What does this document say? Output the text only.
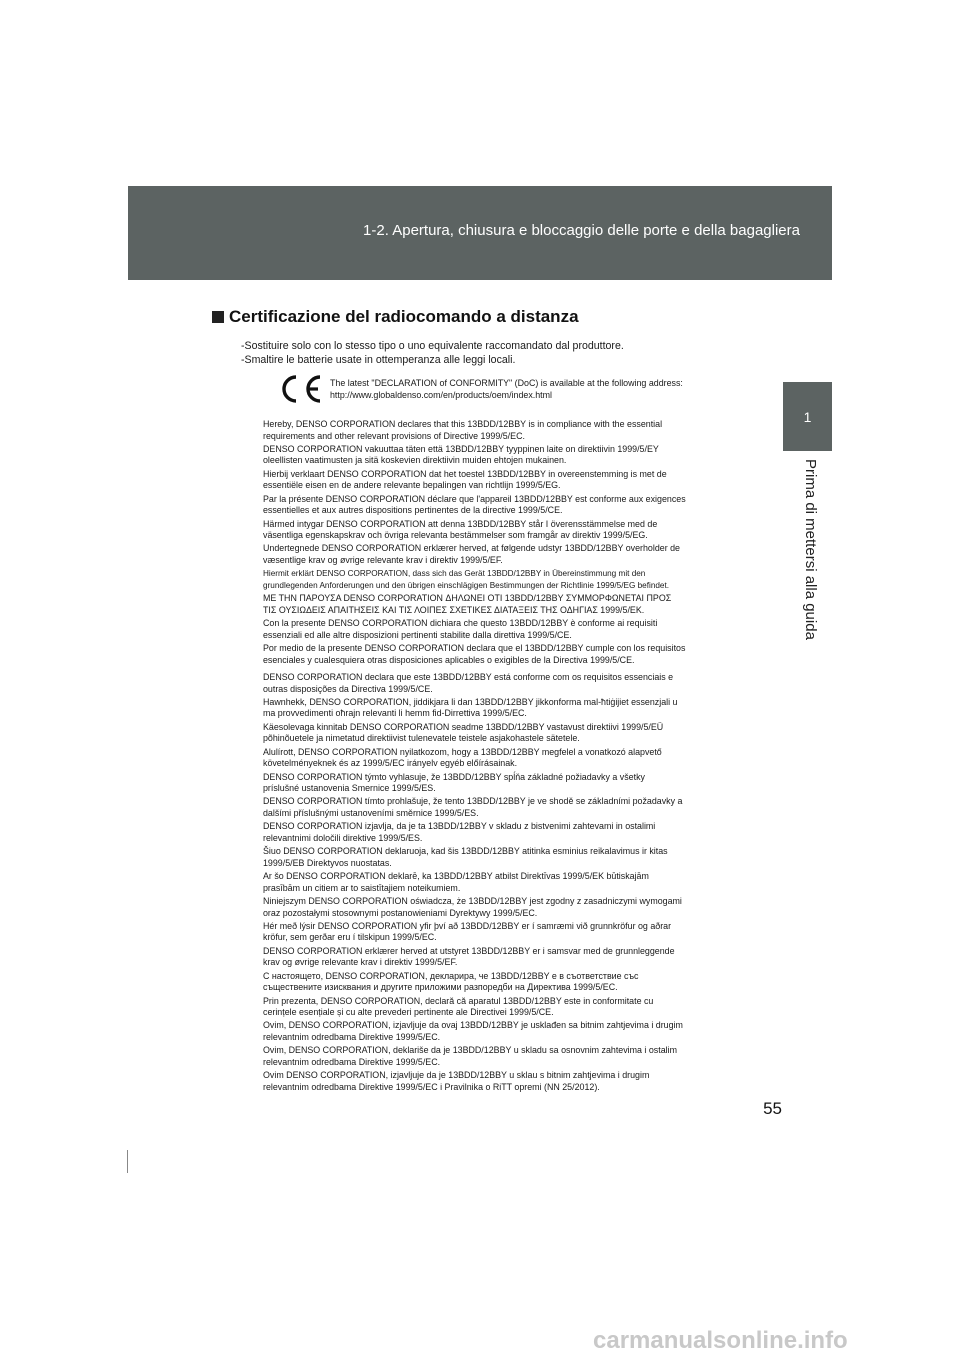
1-2. Apertura, chiusura e bloccaggio delle porte e della bagagliera
1
Prima di mettersi alla guida
Certificazione del radiocomando a distanza
-Sostituire solo con lo stesso tipo o uno equivalente raccomandato dal produttore.
-Smaltire le batterie usate in ottemperanza alle leggi locali.
The latest "DECLARATION of CONFORMITY" (DoC) is available at the following address:
http://www.globaldenso.com/en/products/oem/index.html
Hereby, DENSO CORPORATION declares that this 13BDD/12BBY is in compliance with the essential
requirements and other relevant provisions of Directive 1999/5/EC.
DENSO CORPORATION vakuuttaa täten että 13BDD/12BBY tyyppinen laite on direktiivin 1999/5/EY
oleellisten vaatimusten ja sitä koskevien direktiivin muiden ehtojen mukainen.
Hierbij verklaart DENSO CORPORATION dat het toestel 13BDD/12BBY in overeenstemming is met de
essentiële eisen en de andere relevante bepalingen van richtlijn 1999/5/EG.
Par la présente DENSO CORPORATION déclare que l'appareil 13BDD/12BBY est conforme aux exigences
essentielles et aux autres dispositions pertinentes de la directive 1999/5/CE.
Härmed intygar DENSO CORPORATION att denna 13BDD/12BBY står I överensstämmelse med de
väsentliga egenskapskrav och övriga relevanta bestämmelser som framgår av direktiv 1999/5/EG.
Undertegnede DENSO CORPORATION erklærer herved, at følgende udstyr 13BDD/12BBY overholder de
væsentlige krav og øvrige relevante krav i direktiv 1999/5/EF.
Hiermit erklärt DENSO CORPORATION, dass sich das Gerät 13BDD/12BBY in Übereinstimmung mit den
grundlegenden Anforderungen und den übrigen einschlägigen Bestimmungen der Richtlinie 1999/5/EG befindet.
ΜΕ ΤΗΝ ΠΑΡΟΥΣΑ DENSO CORPORATION ΔΗΛΩΝΕΙ ΟΤΙ 13BDD/12BBY ΣΥΜΜΟΡΦΩΝΕΤΑΙ ΠΡΟΣ
ΤΙΣ ΟΥΣΙΩΔΕΙΣ ΑΠΑΙΤΗΣΕΙΣ ΚΑΙ ΤΙΣ ΛΟΙΠΕΣ ΣΧΕΤΙΚΕΣ ΔΙΑΤΑΞΕΙΣ ΤΗΣ ΟΔΗΓΙΑΣ 1999/5/ΕΚ.
Con la presente DENSO CORPORATION dichiara che questo 13BDD/12BBY è conforme ai requisiti
essenziali ed alle altre disposizioni pertinenti stabilite dalla direttiva 1999/5/CE.
Por medio de la presente DENSO CORPORATION declara que el 13BDD/12BBY cumple con los requisitos
esenciales y cualesquiera otras disposiciones aplicables o exigibles de la Directiva 1999/5/CE.
DENSO CORPORATION declara que este 13BDD/12BBY está conforme com os requisitos essenciais e
outras disposições da Directiva 1999/5/CE.
Hawnhekk, DENSO CORPORATION, jiddikjara li dan 13BDD/12BBY jikkonforma mal-ħtiġijiet essenzjali u
ma provvedimenti oħrajn relevanti li hemm fid-Dirrettiva 1999/5/EC.
Käesolevaga kinnitab DENSO CORPORATION seadme 13BDD/12BBY vastavust direktiivi 1999/5/EÜ
põhinõuetele ja nimetatud direktiivist tulenevatele teistele asjakohastele sätetele.
Alulírott, DENSO CORPORATION nyilatkozom, hogy a 13BDD/12BBY megfelel a vonatkozó alapvető
követelményeknek és az 1999/5/EC irányelv egyéb előírásainak.
DENSO CORPORATION týmto vyhlasuje, že 13BDD/12BBY spĺňa základné požiadavky a všetky
príslušné ustanovenia Smernice 1999/5/ES.
DENSO CORPORATION tímto prohlašuje, že tento 13BDD/12BBY je ve shodě se základními požadavky a
dalšími příslušnými ustanoveními směrnice 1999/5/ES.
DENSO CORPORATION izjavlja, da je ta 13BDD/12BBY v skladu z bistvenimi zahtevami in ostalimi
relevantnimi določili direktive 1999/5/ES.
Šiuo DENSO CORPORATION deklaruoja, kad šis 13BDD/12BBY atitinka esminius reikalavimus ir kitas
1999/5/EB Direktyvos nuostatas.
Ar šo DENSO CORPORATION deklarē, ka 13BDD/12BBY atbilst Direktīvas 1999/5/EK būtiskajām
prasībām un citiem ar to saistītajiem noteikumiem.
Niniejszym DENSO CORPORATION oświadcza, że 13BDD/12BBY jest zgodny z zasadniczymi wymogami
oraz pozostałymi stosownymi postanowieniami Dyrektywy 1999/5/EC.
Hér með lýsir DENSO CORPORATION yfir því að 13BDD/12BBY er í samræmi við grunnkröfur og aðrar
kröfur, sem gerðar eru í tilskipun 1999/5/EC.
DENSO CORPORATION erklærer herved at utstyret 13BDD/12BBY er i samsvar med de grunnleggende
krav og øvrige relevante krav i direktiv 1999/5/EF.
С настоящето, DENSO CORPORATION, декларира, че 13BDD/12BBY е в съответствие със
съществените изисквания и другите приложими разпоредби на Директива 1999/5/EC.
Prin prezenta, DENSO CORPORATION, declară că aparatul 13BDD/12BBY este in conformitate cu
cerințele esențiale și cu alte prevederi pertinente ale Directivei 1999/5/CE.
Ovim, DENSO CORPORATION, izjavljuje da ovaj 13BDD/12BBY je usklađen sa bitnim zahtjevima i drugim
relevantnim odredbama Direktive 1999/5/EC.
Ovim, DENSO CORPORATION, deklariše da je 13BDD/12BBY u skladu sa osnovnim zahtevima i ostalim
relevantnim odredbama Direktive 1999/5/EC.
Ovim DENSO CORPORATION, izjavljuje da je 13BDD/12BBY u sklau s bitnim zahtjevima i drugim
relevantnim odredbama Direktive 1999/5/EC i Pravilnika o RiTT opremi (NN 25/2012).
55
carmanualsonline.info
